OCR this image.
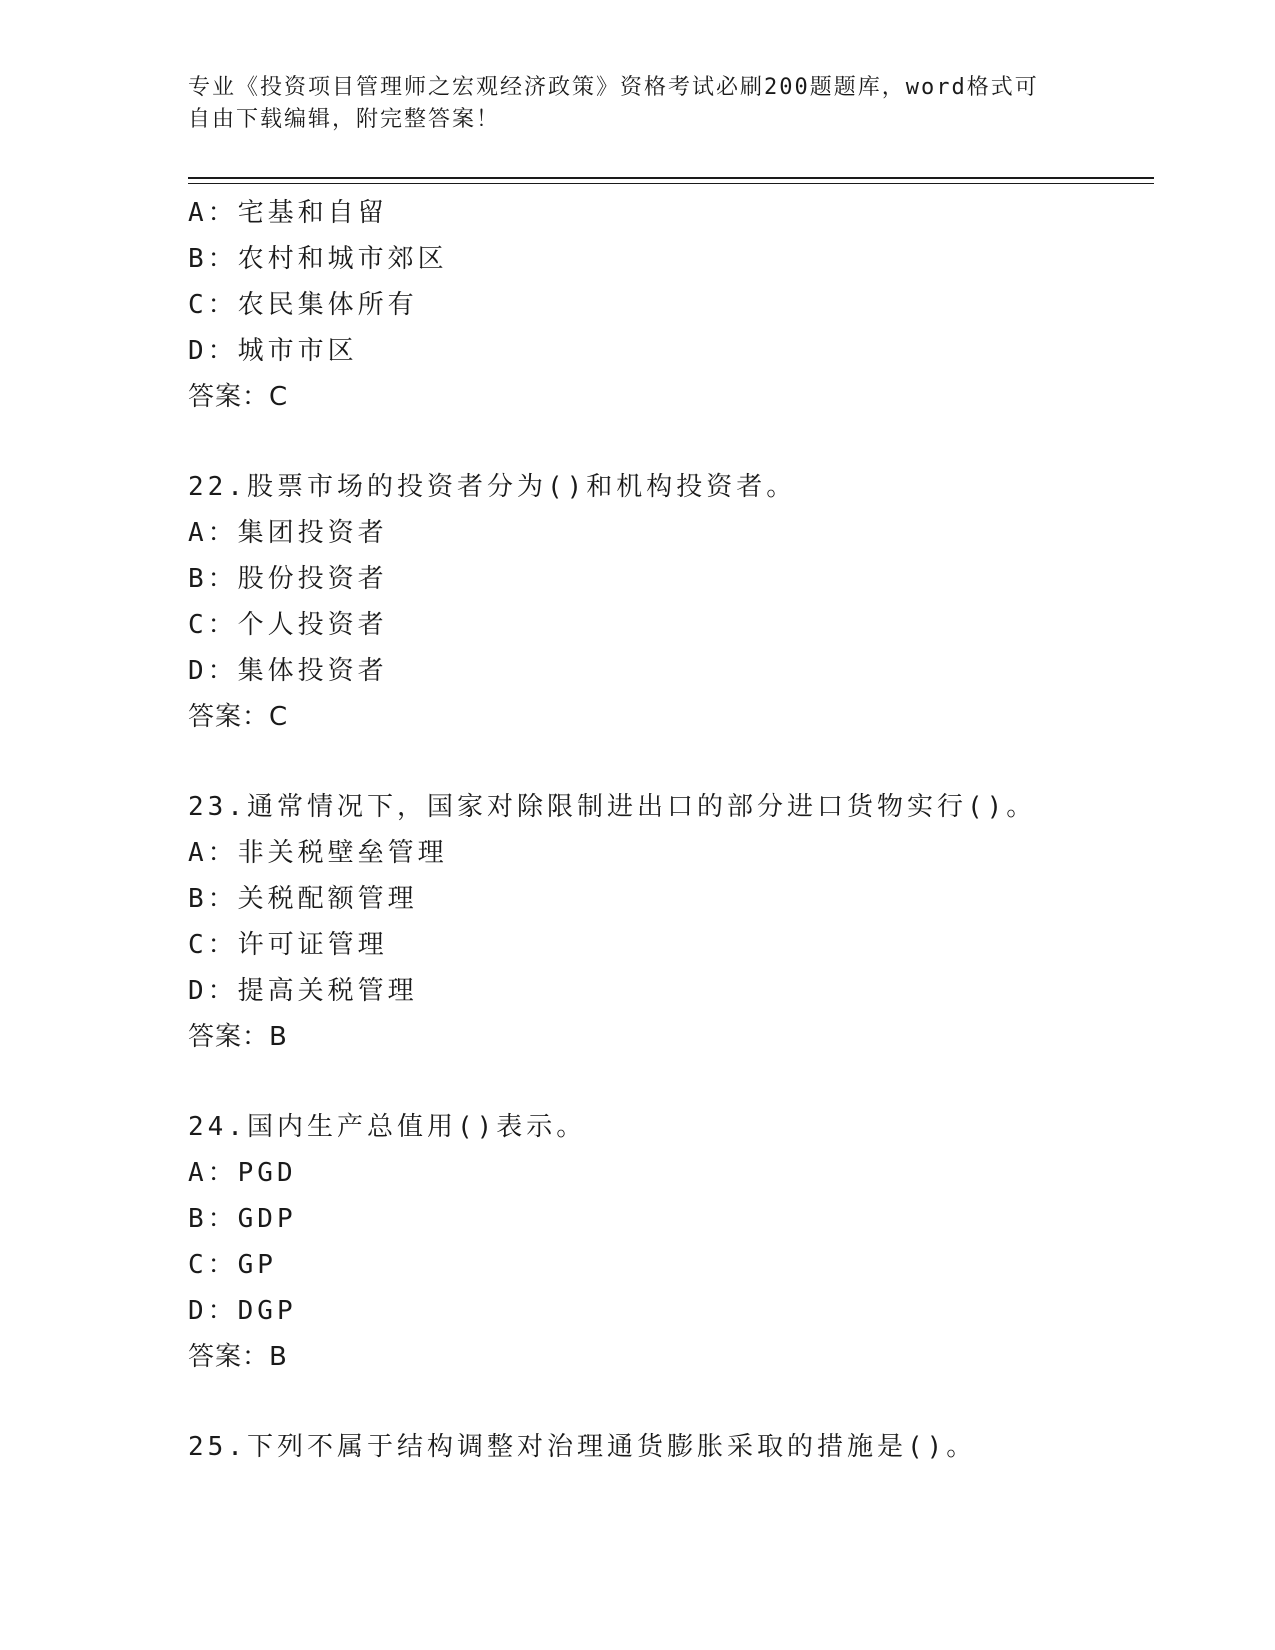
专业《投资项目管理师之宏观经济政策》资格考试必刷200题题库，word格式可
自由下载编辑，附完整答案！
A：宅基和自留
B：农村和城市郊区
C：农民集体所有
D：城市市区
答案：C
22.股票市场的投资者分为()和机构投资者。
A：集团投资者
B：股份投资者
C：个人投资者
D：集体投资者
答案：C
23.通常情况下，国家对除限制进出口的部分进口货物实行()。
A：非关税壁垒管理
B：关税配额管理
C：许可证管理
D：提高关税管理
答案：B
24.国内生产总值用()表示。
A：PGD
B：GDP
C：GP
D：DGP
答案：B
25.下列不属于结构调整对治理通货膨胀采取的措施是()。
